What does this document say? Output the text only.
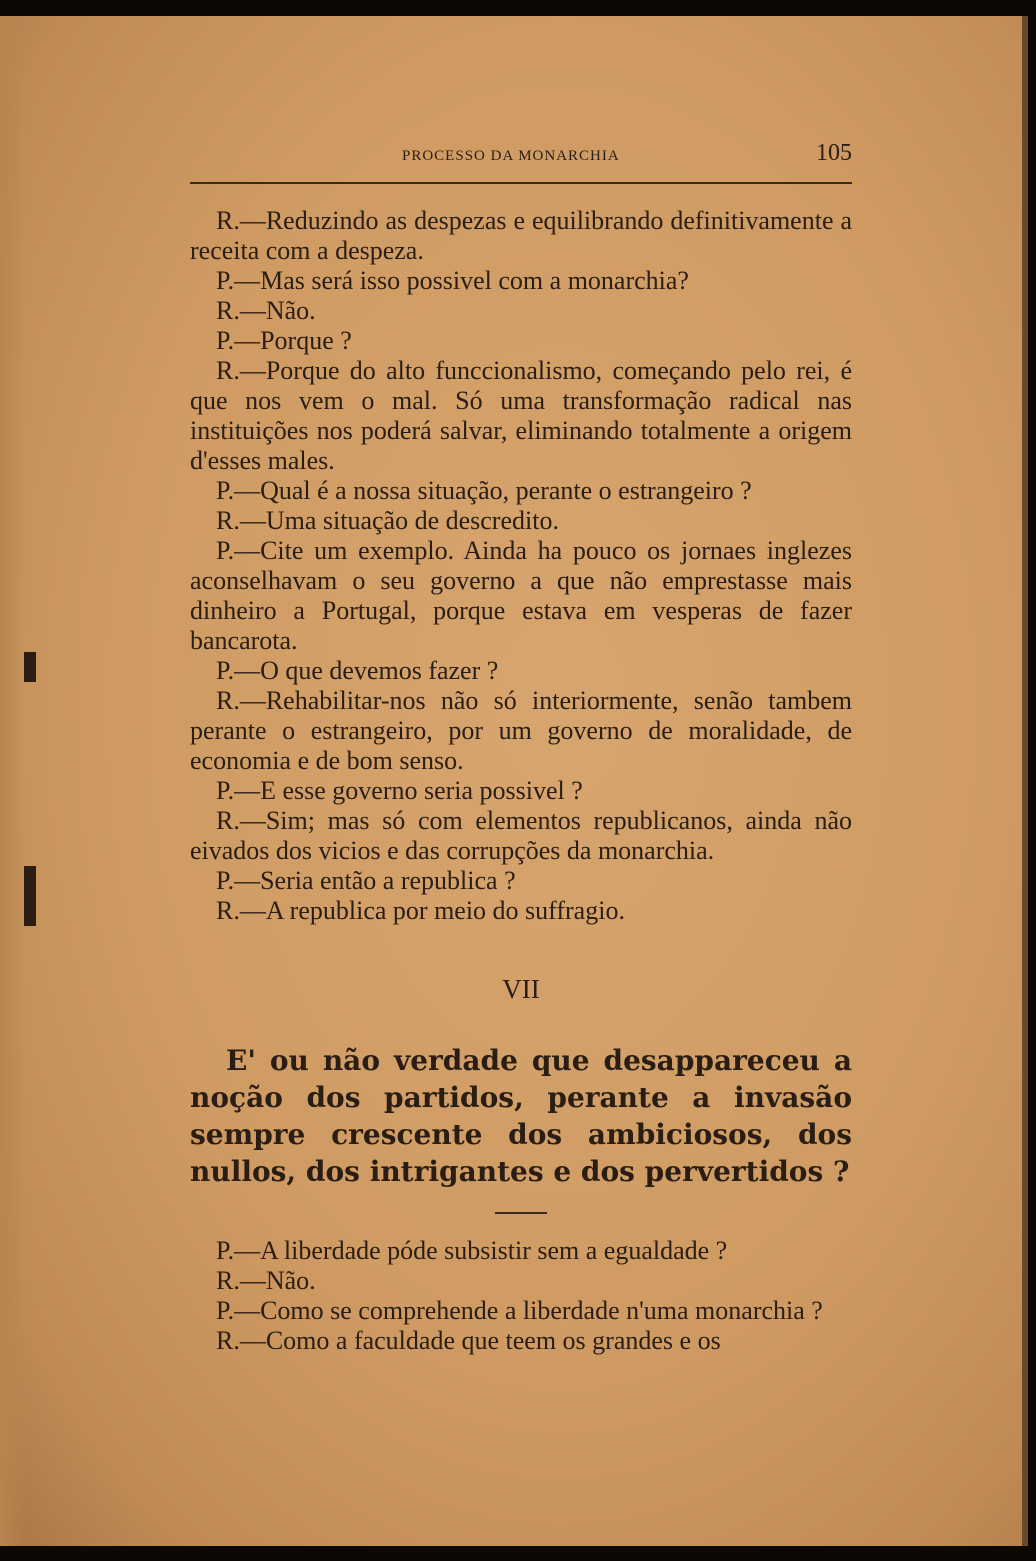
PROCESSO DA MONARCHIA	105

R.—Reduzindo as despezas e equilibrando definitivamente a receita com a despeza.

P.—Mas será isso possivel com a monarchia?

R.—Não.

P.—Porque ?

R.—Porque do alto funccionalismo, começando pelo rei, é que nos vem o mal. Só uma transformação radical nas instituições nos poderá salvar, eliminando totalmente a origem d'esses males.

P.—Qual é a nossa situação, perante o estrangeiro ?

R.—Uma situação de descredito.

P.—Cite um exemplo. Ainda ha pouco os jornaes inglezes aconselhavam o seu governo a que não emprestasse mais dinheiro a Portugal, porque estava em vesperas de fazer bancarota.

P.—O que devemos fazer ?

R.—Rehabilitar-nos não só interiormente, senão tambem perante o estrangeiro, por um governo de moralidade, de economia e de bom senso.

P.—E esse governo seria possivel ?

R.—Sim; mas só com elementos republicanos, ainda não eivados dos vicios e das corrupções da monarchia.

P.—Seria então a republica ?

R.—A republica por meio do suffragio.

VII

E' ou não verdade que desappareceu a noção dos partidos, perante a invasão sempre crescente dos ambiciosos, dos nullos, dos intrigantes e dos pervertidos ?

P.—A liberdade póde subsistir sem a egualdade ?

R.—Não.

P.—Como se comprehende a liberdade n'uma monarchia ?

R.—Como a faculdade que teem os grandes e os
